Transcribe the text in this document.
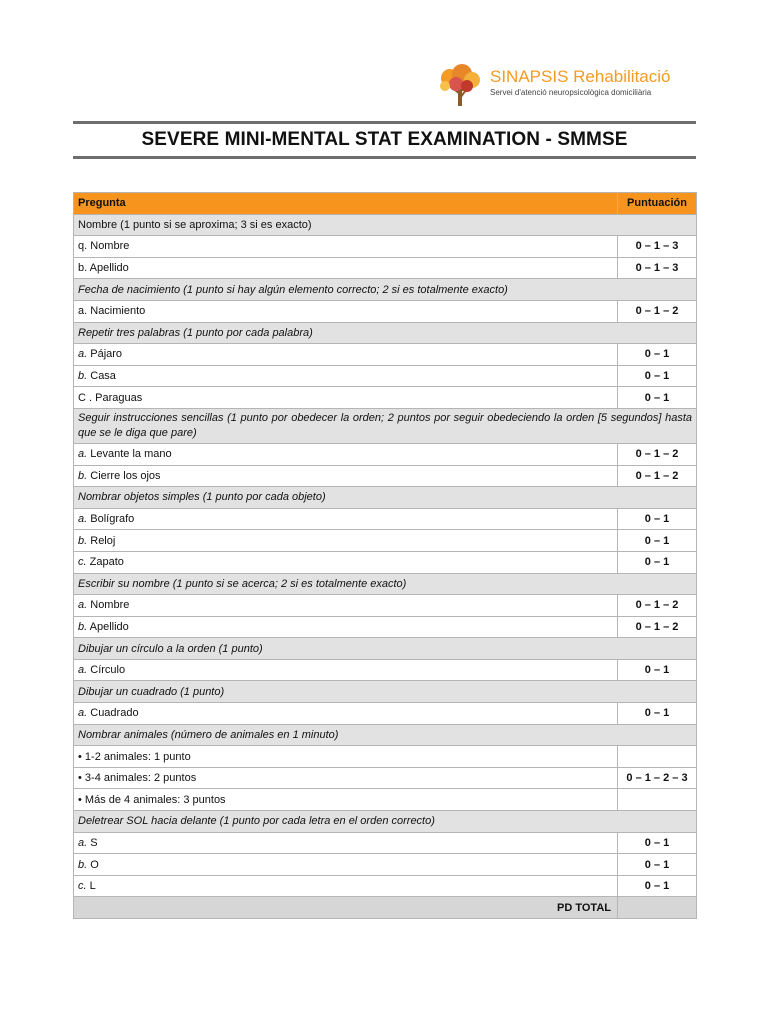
SINAPSIS Rehabilitació
Servei d'atenció neuropsicològica domiciliària
SEVERE MINI-MENTAL STAT EXAMINATION - SMMSE
Pregunta	Puntuación
Nombre (1 punto si se aproxima; 3 si es exacto)	
q. Nombre	0 – 1 – 3
b. Apellido	0 – 1 – 3
Fecha de nacimiento (1 punto si hay algún elemento correcto; 2 si es totalmente exacto)	
a. Nacimiento	0 – 1 – 2
Repetir tres palabras (1 punto por cada palabra)	
a. Pájaro	0 – 1
b. Casa	0 – 1
C . Paraguas	0 – 1
Seguir instrucciones sencillas (1 punto por obedecer la orden; 2 puntos por seguir obedeciendo la orden [5 segundos] hasta que se le diga que pare)	
a. Levante la mano	0 – 1 – 2
b. Cierre los ojos	0 – 1 – 2
Nombrar objetos simples (1 punto por cada objeto)	
a. Bolígrafo	0 – 1
b. Reloj	0 – 1
c. Zapato	0 – 1
Escribir su nombre (1 punto si se acerca; 2 si es totalmente exacto)	
a. Nombre	0 – 1 – 2
b. Apellido	0 – 1 – 2
Dibujar un círculo a la orden (1 punto)	
a. Círculo	0 – 1
Dibujar un cuadrado (1 punto)	
a. Cuadrado	0 – 1
Nombrar animales (número de animales en 1 minuto)	
• 1-2 animales: 1 punto	
• 3-4 animales: 2 puntos	0 – 1 – 2 – 3
• Más de 4 animales: 3 puntos	
Deletrear SOL hacia delante (1 punto por cada letra en el orden correcto)	
a. S	0 – 1
b. O	0 – 1
c. L	0 – 1
PD TOTAL	
